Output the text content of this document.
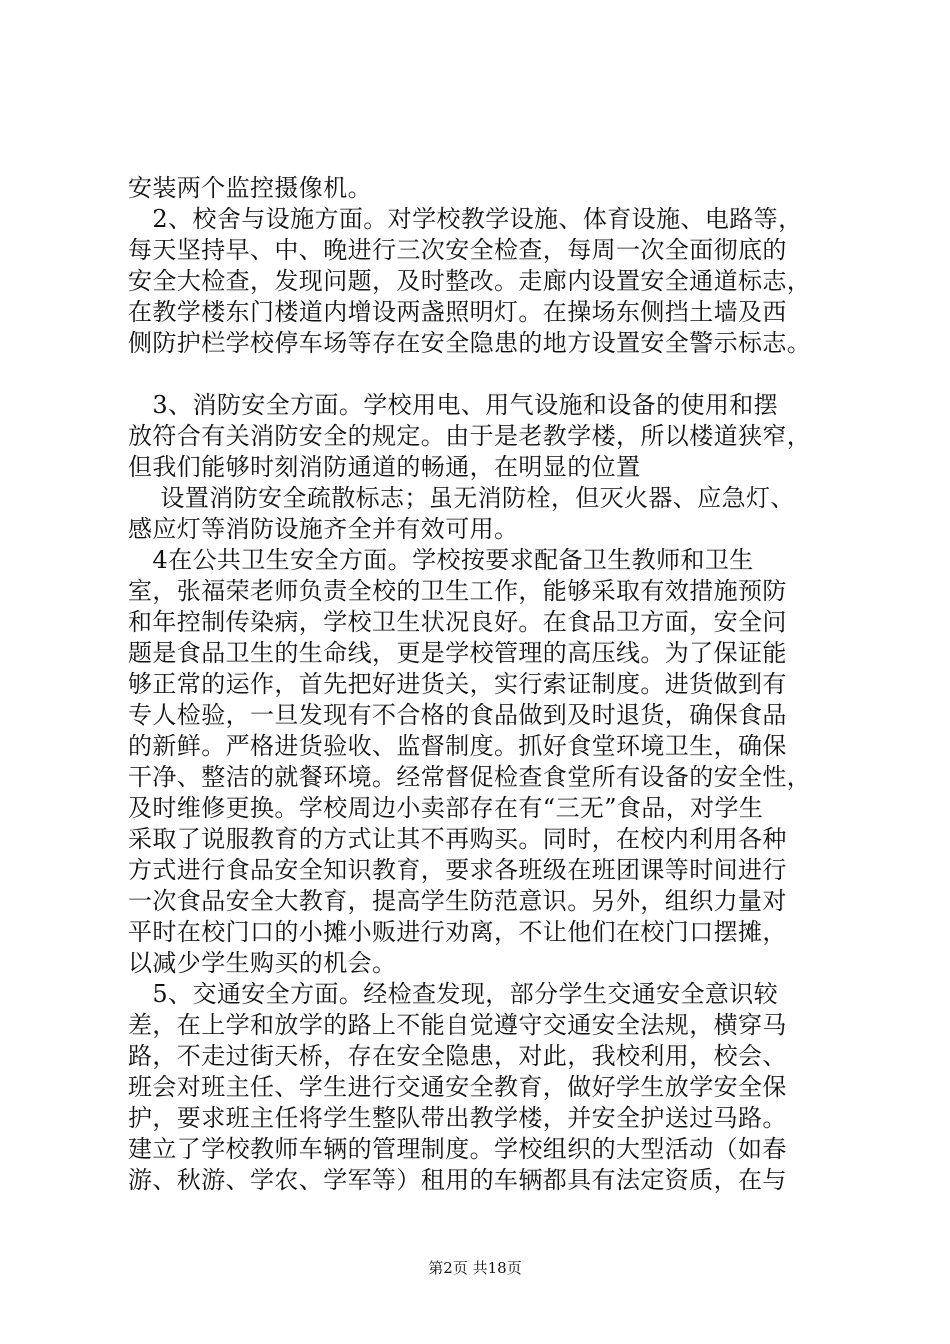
安装两个监控摄像机。
　2、校舍与设施方面。对学校教学设施、体育设施、电路等，
每天坚持早、中、晚进行三次安全检查，每周一次全面彻底的
安全大检查，发现问题，及时整改。走廊内设置安全通道标志，
在教学楼东门楼道内增设两盏照明灯。在操场东侧挡土墙及西
侧防护栏学校停车场等存在安全隐患的地方设置安全警示标志。
　3、消防安全方面。学校用电、用气设施和设备的使用和摆
放符合有关消防安全的规定。由于是老教学楼，所以楼道狭窄，
但我们能够时刻消防通道的畅通，在明显的位置
　 设置消防安全疏散标志；虽无消防栓，但灭火器、应急灯、
感应灯等消防设施齐全并有效可用。
　4在公共卫生安全方面。学校按要求配备卫生教师和卫生
室，张福荣老师负责全校的卫生工作，能够采取有效措施预防
和年控制传染病，学校卫生状况良好。在食品卫方面，安全问
题是食品卫生的生命线，更是学校管理的高压线。为了保证能
够正常的运作，首先把好进货关，实行索证制度。进货做到有
专人检验，一旦发现有不合格的食品做到及时退货，确保食品
的新鲜。严格进货验收、监督制度。抓好食堂环境卫生，确保
干净、整洁的就餐环境。经常督促检查食堂所有设备的安全性，
及时维修更换。学校周边小卖部存在有“三无”食品，对学生
采取了说服教育的方式让其不再购买。同时，在校内利用各种
方式进行食品安全知识教育，要求各班级在班团课等时间进行
一次食品安全大教育，提高学生防范意识。另外，组织力量对
平时在校门口的小摊小贩进行劝离，不让他们在校门口摆摊，
以减少学生购买的机会。
　5、交通安全方面。经检查发现，部分学生交通安全意识较
差，在上学和放学的路上不能自觉遵守交通安全法规，横穿马
路，不走过街天桥，存在安全隐患，对此，我校利用，校会、
班会对班主任、学生进行交通安全教育，做好学生放学安全保
护，要求班主任将学生整队带出教学楼，并安全护送过马路。
建立了学校教师车辆的管理制度。学校组织的大型活动（如春
游、秋游、学农、学军等）租用的车辆都具有法定资质，在与
第2页 共18页
